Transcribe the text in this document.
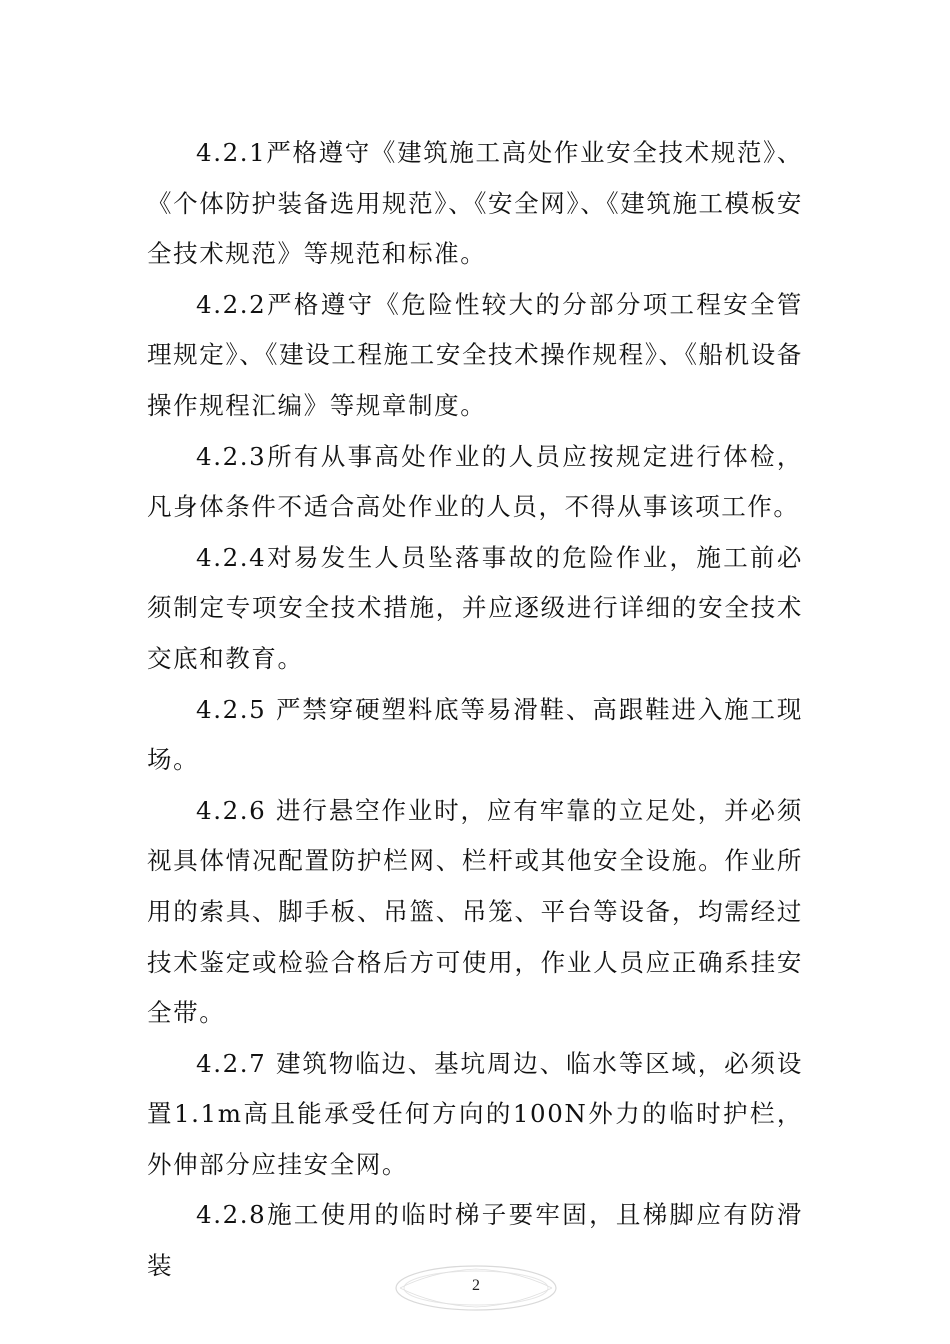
4.2.1严格遵守《建筑施工高处作业安全技术规范》、《个体防护装备选用规范》、《安全网》、《建筑施工模板安全技术规范》等规范和标准。

4.2.2严格遵守《危险性较大的分部分项工程安全管理规定》、《建设工程施工安全技术操作规程》、《船机设备操作规程汇编》等规章制度。

4.2.3所有从事高处作业的人员应按规定进行体检，凡身体条件不适合高处作业的人员，不得从事该项工作。

4.2.4对易发生人员坠落事故的危险作业，施工前必须制定专项安全技术措施，并应逐级进行详细的安全技术交底和教育。

4.2.5 严禁穿硬塑料底等易滑鞋、高跟鞋进入施工现场。

4.2.6 进行悬空作业时，应有牢靠的立足处，并必须视具体情况配置防护栏网、栏杆或其他安全设施。作业所用的索具、脚手板、吊篮、吊笼、平台等设备，均需经过技术鉴定或检验合格后方可使用，作业人员应正确系挂安全带。

4.2.7 建筑物临边、基坑周边、临水等区域，必须设置1.1m高且能承受任何方向的100N外力的临时护栏，外伸部分应挂安全网。

4.2.8施工使用的临时梯子要牢固，且梯脚应有防滑装

2
